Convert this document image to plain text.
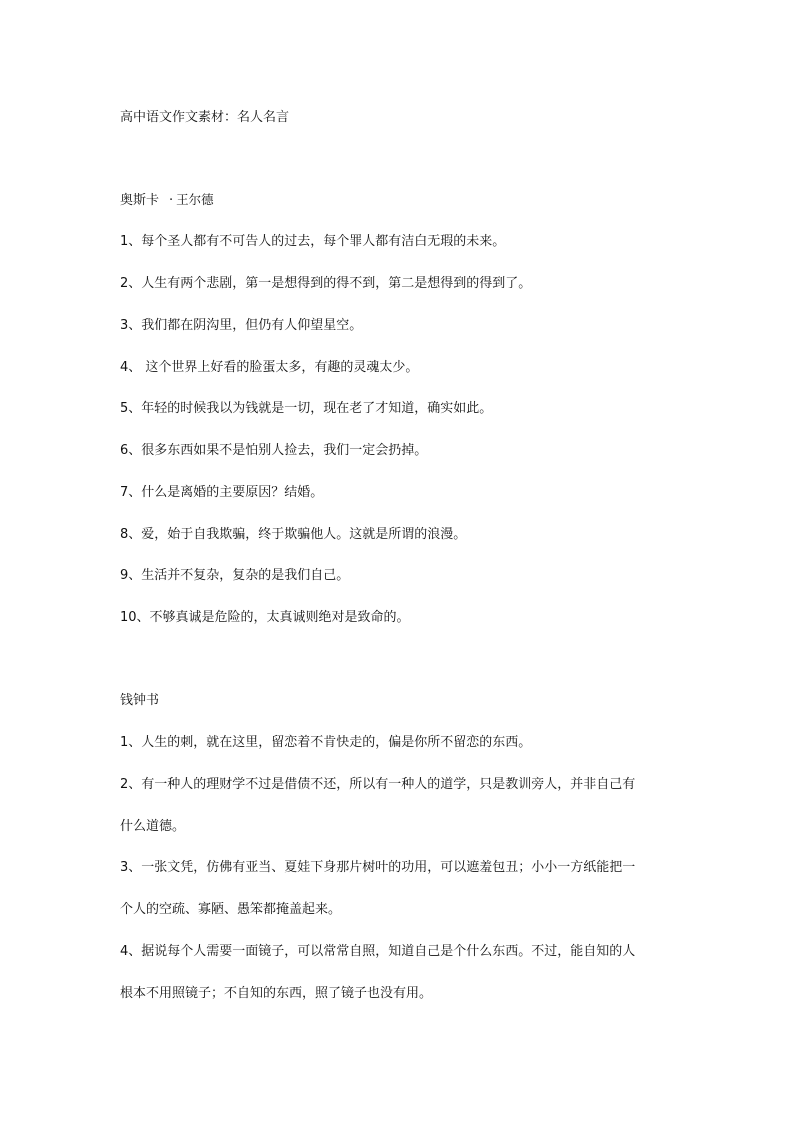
高中语文作文素材：名人名言
奥斯卡 · 王尔德
1、每个圣人都有不可告人的过去，每个罪人都有洁白无瑕的未来。
2、人生有两个悲剧，第一是想得到的得不到，第二是想得到的得到了。
3、我们都在阴沟里，但仍有人仰望星空。
4、 这个世界上好看的脸蛋太多，有趣的灵魂太少。
5、年轻的时候我以为钱就是一切，现在老了才知道，确实如此。
6、很多东西如果不是怕别人捡去，我们一定会扔掉。
7、什么是离婚的主要原因？结婚。
8、爱，始于自我欺骗，终于欺骗他人。这就是所谓的浪漫。
9、生活并不复杂，复杂的是我们自己。
10、不够真诚是危险的，太真诚则绝对是致命的。
钱钟书
1、人生的刺，就在这里，留恋着不肯快走的，偏是你所不留恋的东西。
2、有一种人的理财学不过是借债不还，所以有一种人的道学，只是教训旁人，并非自己有
什么道德。
3、一张文凭，仿佛有亚当、夏娃下身那片树叶的功用，可以遮羞包丑；小小一方纸能把一
个人的空疏、寡陋、愚笨都掩盖起来。
4、据说每个人需要一面镜子，可以常常自照，知道自己是个什么东西。不过，能自知的人
根本不用照镜子；不自知的东西，照了镜子也没有用。
